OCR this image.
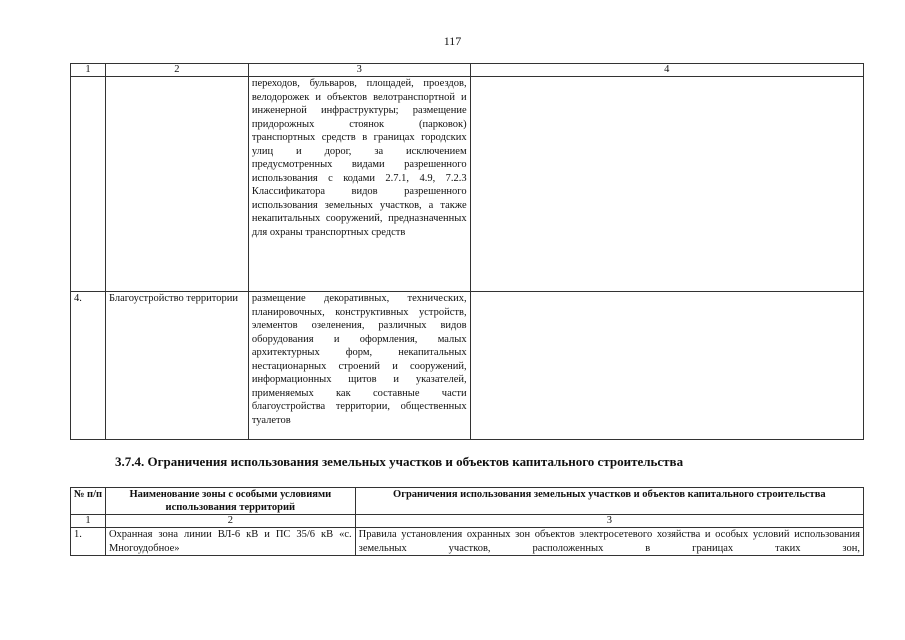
117
1	2	3	4
		переходов, бульваров, площадей, проездов, велодорожек и объектов велотранспортной и инженерной инфраструктуры; размещение придорожных стоянок (парковок) транспортных средств в границах городских улиц и дорог, за исключением предусмотренных видами разрешенного использования с кодами 2.7.1, 4.9, 7.2.3 Классификатора видов разрешенного использования земельных участков, а также некапитальных сооружений, предназначенных для охраны транспортных средств	
4.	Благоустройство территории	размещение декоративных, технических, планировочных, конструктивных устройств, элементов озеленения, различных видов оборудования и оформления, малых архитектурных форм, некапитальных нестационарных строений и сооружений, информационных щитов и указателей, применяемых как составные части благоустройства территории, общественных туалетов	
3.7.4. Ограничения использования земельных участков и объектов капитального строительства
№ п/п	Наименование зоны с особыми условиями использования территорий	Ограничения использования земельных участков и объектов капитального строительства
1	2	3
1.	Охранная зона линии ВЛ-6 кВ и ПС 35/6 кВ «с. Многоудобное»	Правила установления охранных зон объектов электросетевого хозяйства и особых условий использования земельных участков, расположенных в границах таких зон,
